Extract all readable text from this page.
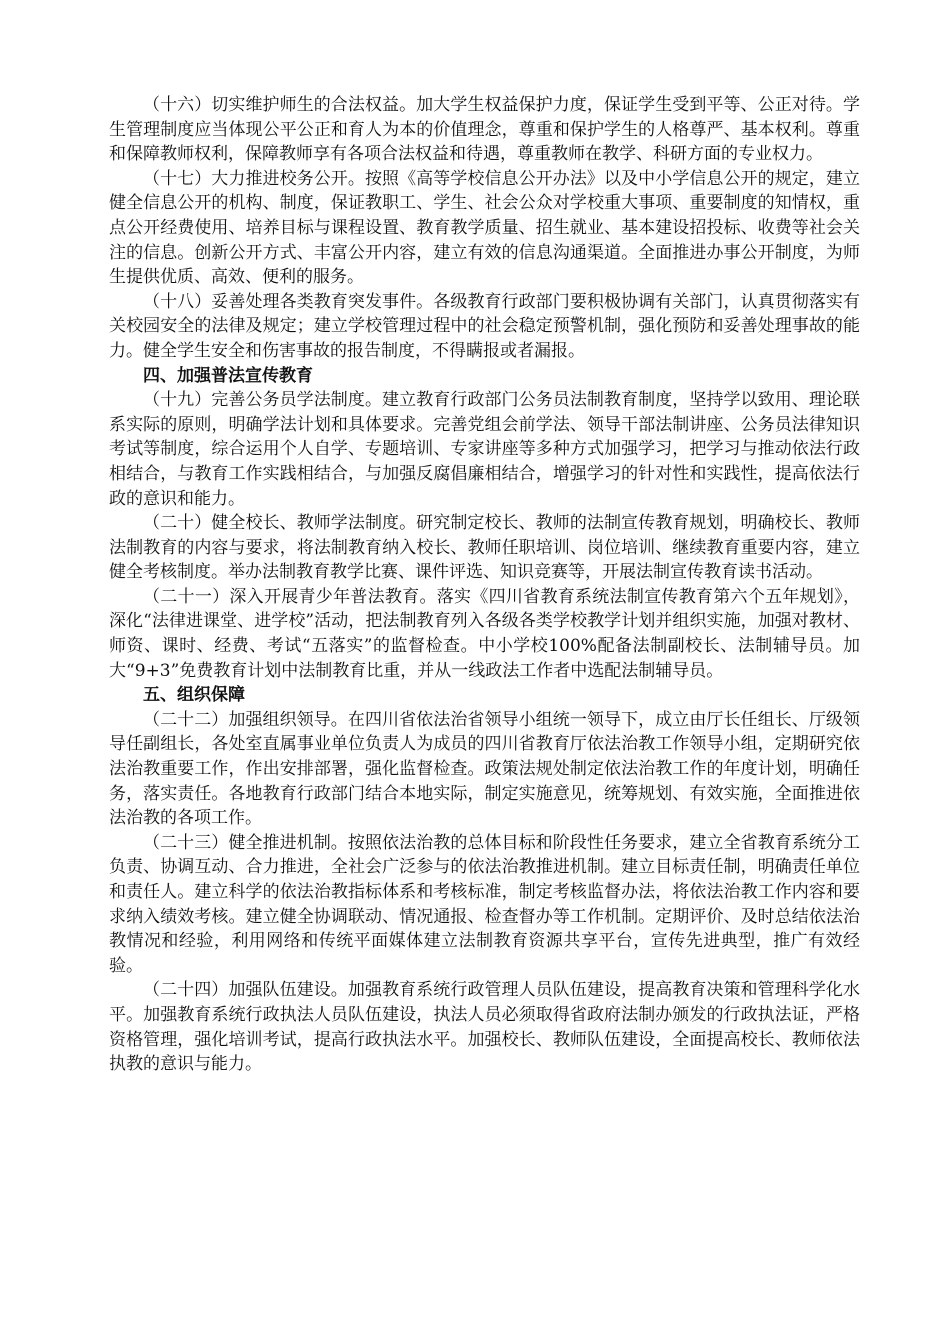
（十六）切实维护师生的合法权益。加大学生权益保护力度，保证学生受到平等、公正对待。学生管理制度应当体现公平公正和育人为本的价值理念，尊重和保护学生的人格尊严、基本权利。尊重和保障教师权利，保障教师享有各项合法权益和待遇，尊重教师在教学、科研方面的专业权力。

（十七）大力推进校务公开。按照《高等学校信息公开办法》以及中小学信息公开的规定，建立健全信息公开的机构、制度，保证教职工、学生、社会公众对学校重大事项、重要制度的知情权，重点公开经费使用、培养目标与课程设置、教育教学质量、招生就业、基本建设招投标、收费等社会关注的信息。创新公开方式、丰富公开内容，建立有效的信息沟通渠道。全面推进办事公开制度，为师生提供优质、高效、便利的服务。

（十八）妥善处理各类教育突发事件。各级教育行政部门要积极协调有关部门，认真贯彻落实有关校园安全的法律及规定；建立学校管理过程中的社会稳定预警机制，强化预防和妥善处理事故的能力。健全学生安全和伤害事故的报告制度，不得瞒报或者漏报。

四、加强普法宣传教育

（十九）完善公务员学法制度。建立教育行政部门公务员法制教育制度，坚持学以致用、理论联系实际的原则，明确学法计划和具体要求。完善党组会前学法、领导干部法制讲座、公务员法律知识考试等制度，综合运用个人自学、专题培训、专家讲座等多种方式加强学习，把学习与推动依法行政相结合，与教育工作实践相结合，与加强反腐倡廉相结合，增强学习的针对性和实践性，提高依法行政的意识和能力。

（二十）健全校长、教师学法制度。研究制定校长、教师的法制宣传教育规划，明确校长、教师法制教育的内容与要求，将法制教育纳入校长、教师任职培训、岗位培训、继续教育重要内容，建立健全考核制度。举办法制教育教学比赛、课件评选、知识竞赛等，开展法制宣传教育读书活动。

（二十一）深入开展青少年普法教育。落实《四川省教育系统法制宣传教育第六个五年规划》，深化“法律进课堂、进学校”活动，把法制教育列入各级各类学校教学计划并组织实施，加强对教材、师资、课时、经费、考试“五落实”的监督检查。中小学校100%配备法制副校长、法制辅导员。加大“9+3”免费教育计划中法制教育比重，并从一线政法工作者中选配法制辅导员。

五、组织保障

（二十二）加强组织领导。在四川省依法治省领导小组统一领导下，成立由厅长任组长、厅级领导任副组长，各处室直属事业单位负责人为成员的四川省教育厅依法治教工作领导小组，定期研究依法治教重要工作，作出安排部署，强化监督检查。政策法规处制定依法治教工作的年度计划，明确任务，落实责任。各地教育行政部门结合本地实际，制定实施意见，统筹规划、有效实施，全面推进依法治教的各项工作。

（二十三）健全推进机制。按照依法治教的总体目标和阶段性任务要求，建立全省教育系统分工负责、协调互动、合力推进，全社会广泛参与的依法治教推进机制。建立目标责任制，明确责任单位和责任人。建立科学的依法治教指标体系和考核标准，制定考核监督办法，将依法治教工作内容和要求纳入绩效考核。建立健全协调联动、情况通报、检查督办等工作机制。定期评价、及时总结依法治教情况和经验，利用网络和传统平面媒体建立法制教育资源共享平台，宣传先进典型，推广有效经验。

（二十四）加强队伍建设。加强教育系统行政管理人员队伍建设，提高教育决策和管理科学化水平。加强教育系统行政执法人员队伍建设，执法人员必须取得省政府法制办颁发的行政执法证，严格资格管理，强化培训考试，提高行政执法水平。加强校长、教师队伍建设，全面提高校长、教师依法执教的意识与能力。
